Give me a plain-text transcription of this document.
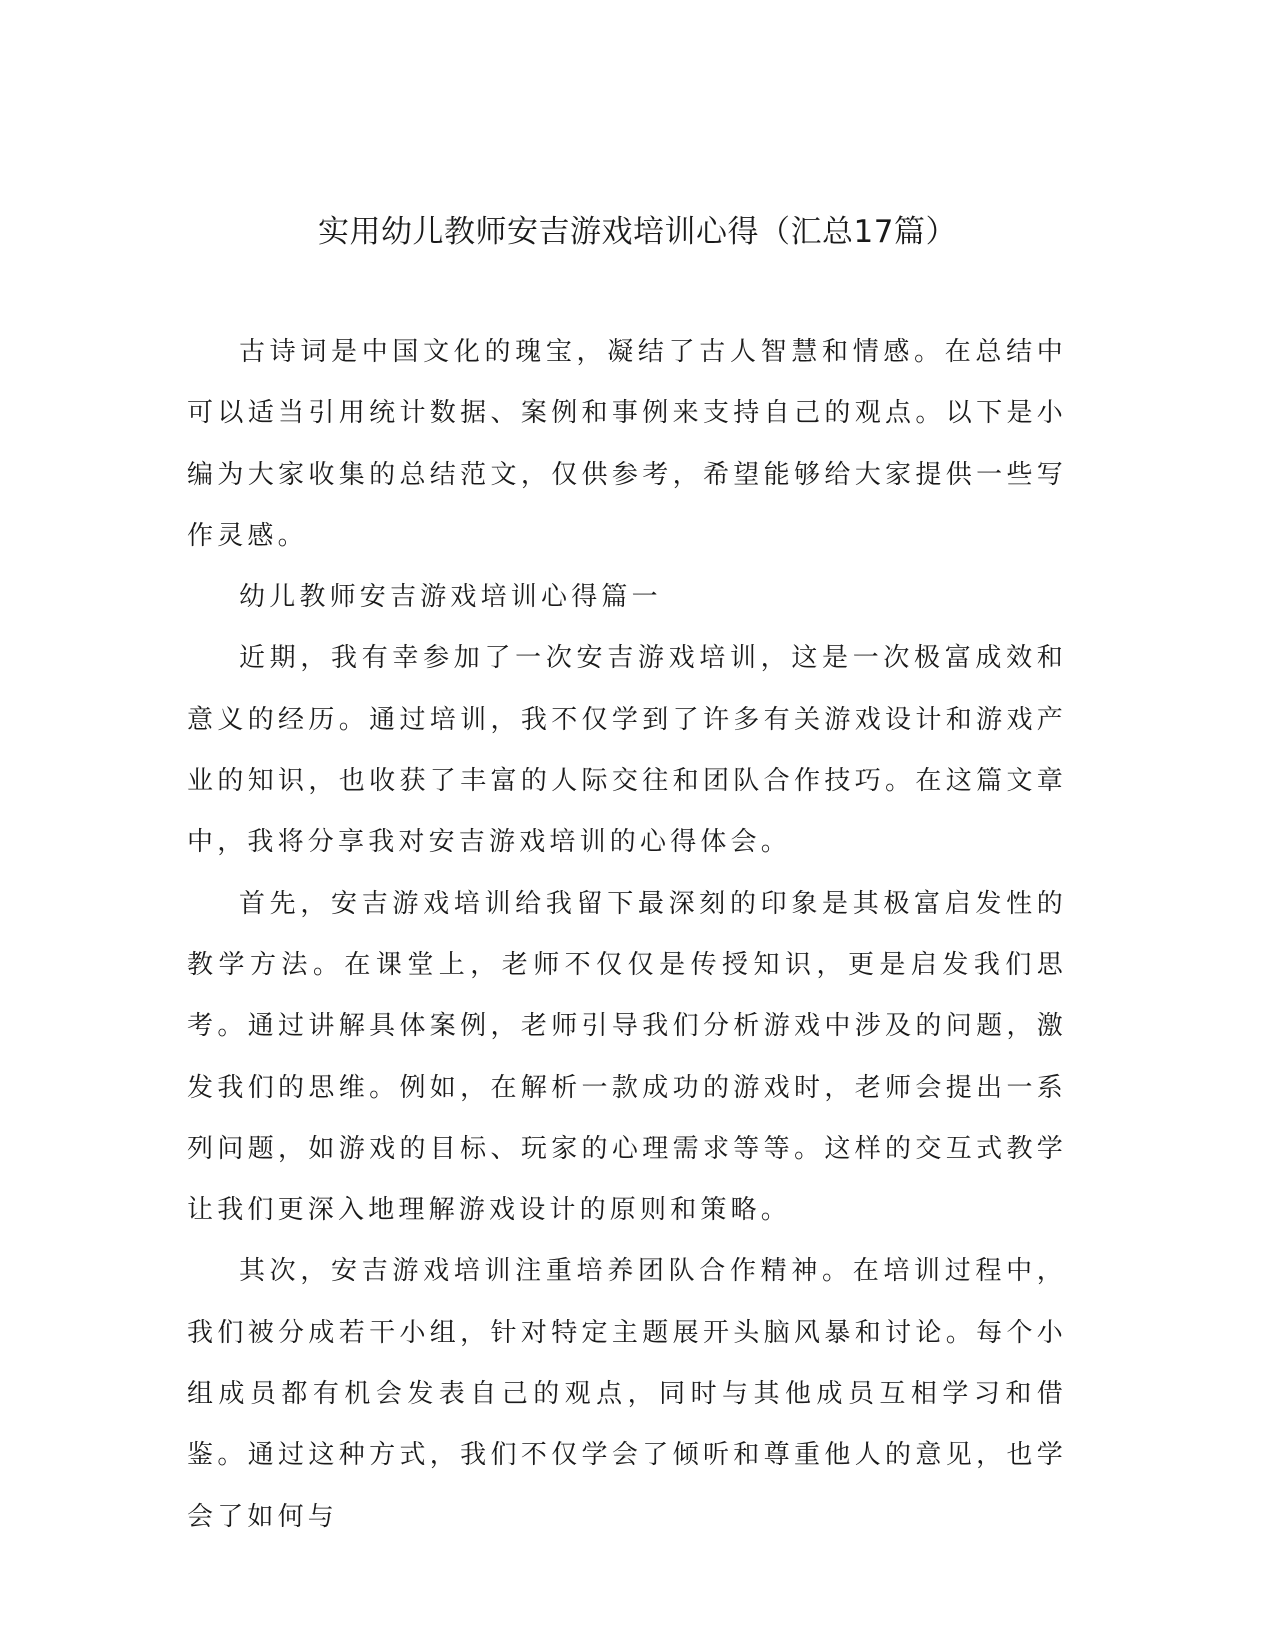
实用幼儿教师安吉游戏培训心得（汇总17篇）

古诗词是中国文化的瑰宝，凝结了古人智慧和情感。在总结中可以适当引用统计数据、案例和事例来支持自己的观点。以下是小编为大家收集的总结范文，仅供参考，希望能够给大家提供一些写作灵感。

幼儿教师安吉游戏培训心得篇一

近期，我有幸参加了一次安吉游戏培训，这是一次极富成效和意义的经历。通过培训，我不仅学到了许多有关游戏设计和游戏产业的知识，也收获了丰富的人际交往和团队合作技巧。在这篇文章中，我将分享我对安吉游戏培训的心得体会。

首先，安吉游戏培训给我留下最深刻的印象是其极富启发性的教学方法。在课堂上，老师不仅仅是传授知识，更是启发我们思考。通过讲解具体案例，老师引导我们分析游戏中涉及的问题，激发我们的思维。例如，在解析一款成功的游戏时，老师会提出一系列问题，如游戏的目标、玩家的心理需求等等。这样的交互式教学让我们更深入地理解游戏设计的原则和策略。

其次，安吉游戏培训注重培养团队合作精神。在培训过程中，我们被分成若干小组，针对特定主题展开头脑风暴和讨论。每个小组成员都有机会发表自己的观点，同时与其他成员互相学习和借鉴。通过这种方式，我们不仅学会了倾听和尊重他人的意见，也学会了如何与
